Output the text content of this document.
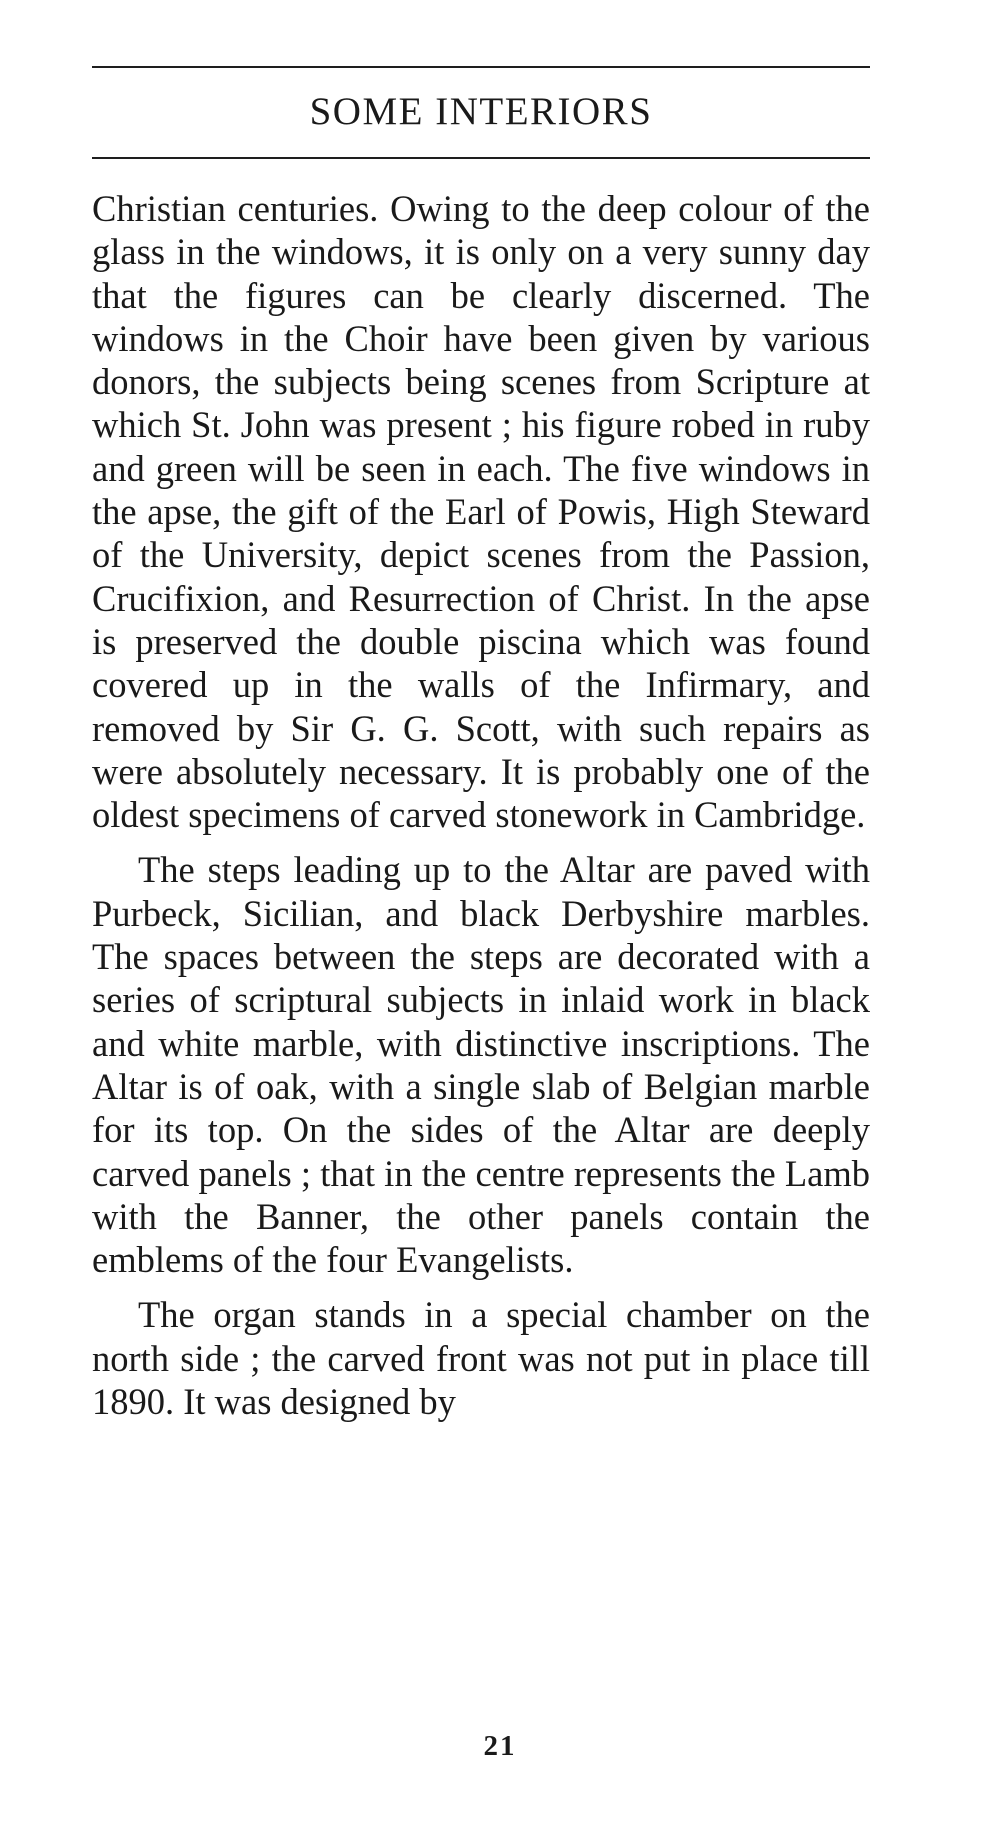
SOME INTERIORS

Christian centuries. Owing to the deep colour of the glass in the windows, it is only on a very sunny day that the figures can be clearly discerned. The windows in the Choir have been given by various donors, the subjects being scenes from Scripture at which St. John was present ; his figure robed in ruby and green will be seen in each. The five windows in the apse, the gift of the Earl of Powis, High Steward of the University, depict scenes from the Passion, Crucifixion, and Resurrection of Christ. In the apse is preserved the double piscina which was found covered up in the walls of the Infirmary, and removed by Sir G. G. Scott, with such repairs as were absolutely necessary. It is probably one of the oldest specimens of carved stonework in Cambridge.

The steps leading up to the Altar are paved with Purbeck, Sicilian, and black Derbyshire marbles. The spaces between the steps are decorated with a series of scriptural subjects in inlaid work in black and white marble, with distinctive inscriptions. The Altar is of oak, with a single slab of Belgian marble for its top. On the sides of the Altar are deeply carved panels ; that in the centre represents the Lamb with the Banner, the other panels contain the emblems of the four Evangelists.

The organ stands in a special chamber on the north side ; the carved front was not put in place till 1890. It was designed by

21
